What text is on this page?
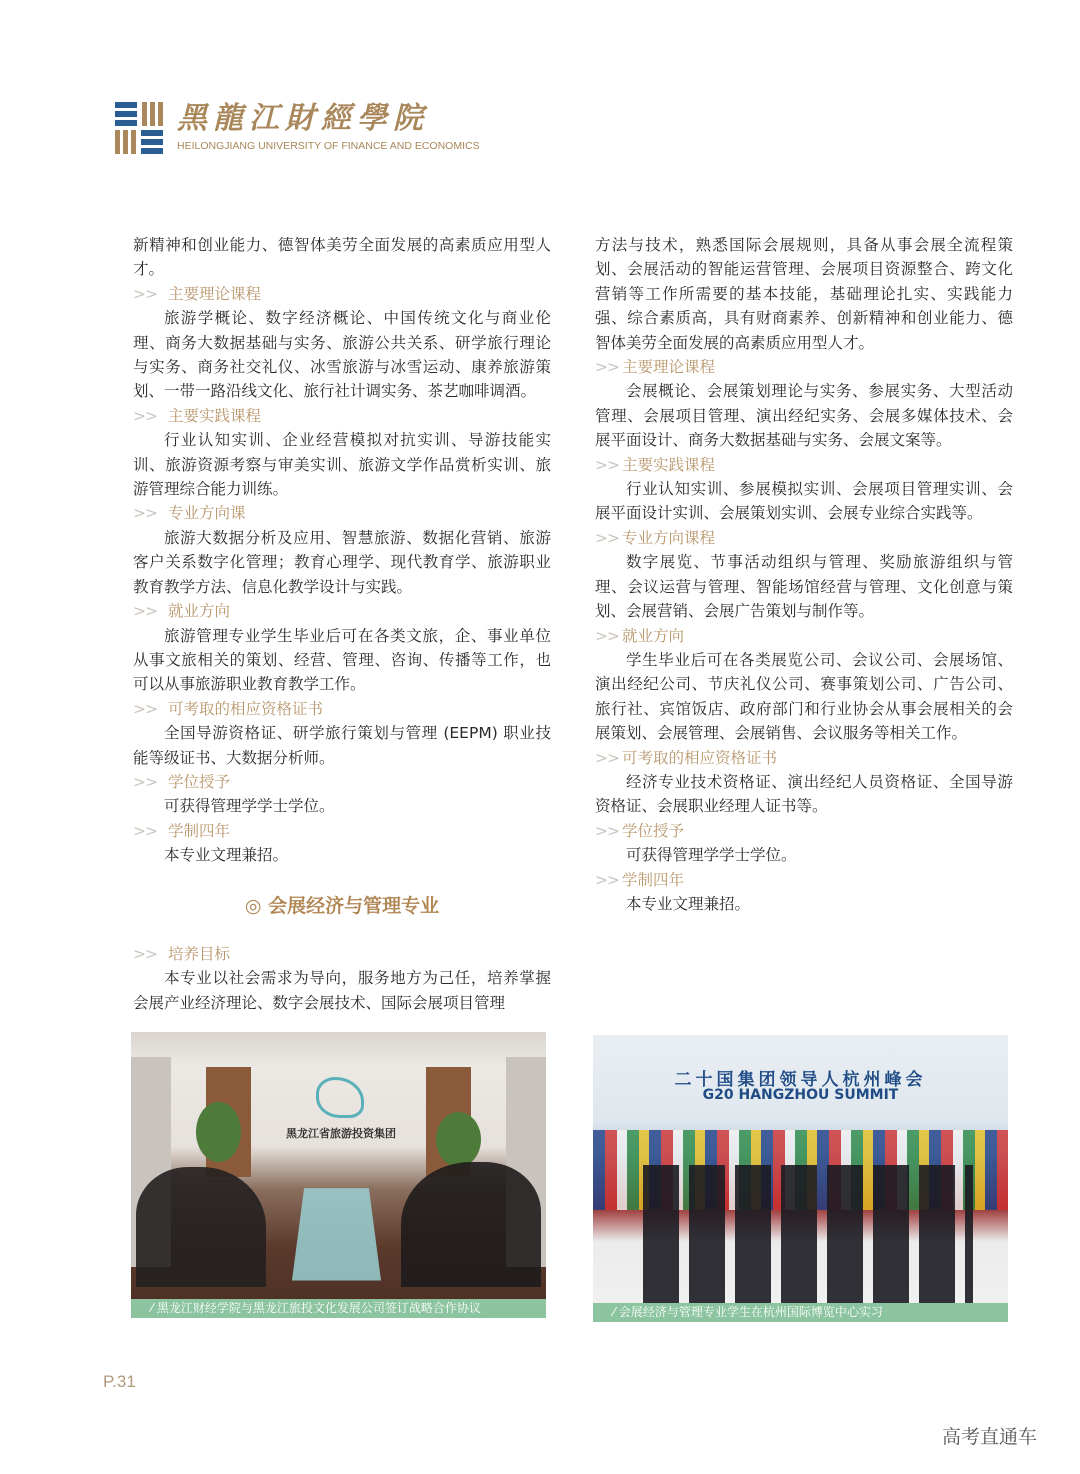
黑龍江財經學院
HEILONGJIANG UNIVERSITY OF FINANCE AND ECONOMICS

新精神和创业能力、德智体美劳全面发展的高素质应用型人才。

>> 主要理论课程

旅游学概论、数字经济概论、中国传统文化与商业伦理、商务大数据基础与实务、旅游公共关系、研学旅行理论与实务、商务社交礼仪、冰雪旅游与冰雪运动、康养旅游策划、一带一路沿线文化、旅行社计调实务、茶艺咖啡调酒。

>> 主要实践课程

行业认知实训、企业经营模拟对抗实训、导游技能实训、旅游资源考察与审美实训、旅游文学作品赏析实训、旅游管理综合能力训练。

>> 专业方向课

旅游大数据分析及应用、智慧旅游、数据化营销、旅游客户关系数字化管理；教育心理学、现代教育学、旅游职业教育教学方法、信息化教学设计与实践。

>> 就业方向

旅游管理专业学生毕业后可在各类文旅，企、事业单位从事文旅相关的策划、经营、管理、咨询、传播等工作，也可以从事旅游职业教育教学工作。

>> 可考取的相应资格证书

全国导游资格证、研学旅行策划与管理 (EEPM) 职业技能等级证书、大数据分析师。

>> 学位授予

可获得管理学学士学位。

>> 学制四年

本专业文理兼招。

◎ 会展经济与管理专业
>> 培养目标

本专业以社会需求为导向，服务地方为己任，培养掌握会展产业经济理论、数字会展技术、国际会展项目管理

方法与技术，熟悉国际会展规则，具备从事会展全流程策划、会展活动的智能运营管理、会展项目资源整合、跨文化营销等工作所需要的基本技能，基础理论扎实、实践能力强、综合素质高，具有财商素养、创新精神和创业能力、德智体美劳全面发展的高素质应用型人才。

>> 主要理论课程

会展概论、会展策划理论与实务、参展实务、大型活动管理、会展项目管理、演出经纪实务、会展多媒体技术、会展平面设计、商务大数据基础与实务、会展文案等。

>> 主要实践课程

行业认知实训、参展模拟实训、会展项目管理实训、会展平面设计实训、会展策划实训、会展专业综合实践等。

>> 专业方向课程

数字展览、节事活动组织与管理、奖励旅游组织与管理、会议运营与管理、智能场馆经营与管理、文化创意与策划、会展营销、会展广告策划与制作等。

>> 就业方向

学生毕业后可在各类展览公司、会议公司、会展场馆、演出经纪公司、节庆礼仪公司、赛事策划公司、广告公司、旅行社、宾馆饭店、政府部门和行业协会从事会展相关的会展策划、会展管理、会展销售、会议服务等相关工作。

>> 可考取的相应资格证书

经济专业技术资格证、演出经纪人员资格证、全国导游资格证、会展职业经理人证书等。

>> 学位授予

可获得管理学学士学位。

>> 学制四年

本专业文理兼招。

黑龙江省旅游投资集团
⁄ 黑龙江财经学院与黑龙江旅投文化发展公司签订战略合作协议
二十国集团领导人杭州峰会
G20 HANGZHOU SUMMIT
⁄ 会展经济与管理专业学生在杭州国际博览中心实习
P.31
高考直通车
